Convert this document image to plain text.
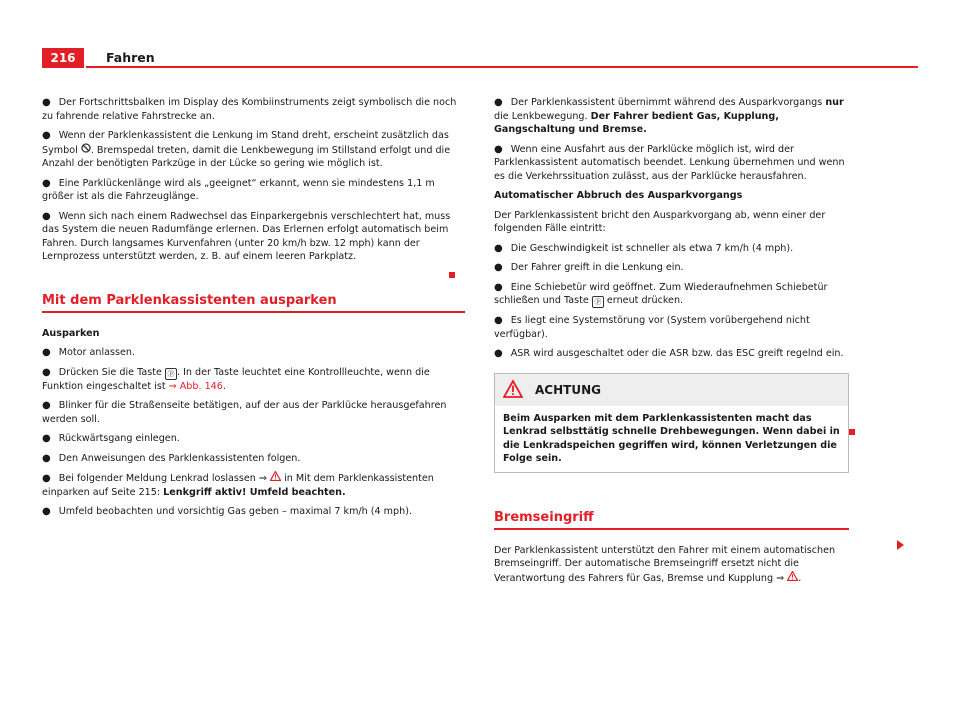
216	Fahren

● Der Fortschrittsbalken im Display des Kombiinstruments zeigt symbolisch die noch zu fahrende relative Fahrstrecke an.

● Wenn der Parklenkassistent die Lenkung im Stand dreht, erscheint zusätzlich das Symbol . Bremspedal treten, damit die Lenkbewegung im Stillstand erfolgt und die Anzahl der benötigten Parkzüge in der Lücke so gering wie möglich ist.

● Eine Parklückenlänge wird als „geeignet“ erkannt, wenn sie mindestens 1,1 m größer ist als die Fahrzeuglänge.

● Wenn sich nach einem Radwechsel das Einparkergebnis verschlechtert hat, muss das System die neuen Radumfänge erlernen. Das Erlernen erfolgt automatisch beim Fahren. Durch langsames Kurvenfahren (unter 20 km/h bzw. 12 mph) kann der Lernprozess unterstützt werden, z. B. auf einem leeren Parkplatz.

Mit dem Parklenkassistenten ausparken

Ausparken

● Motor anlassen.

● Drücken Sie die Taste ⓟ . In der Taste leuchtet eine Kontrollleuchte, wenn die Funktion eingeschaltet ist ⇒ Abb. 146.

● Blinker für die Straßenseite betätigen, auf der aus der Parklücke herausgefahren werden soll.

● Rückwärtsgang einlegen.

● Den Anweisungen des Parklenkassistenten folgen.

● Bei folgender Meldung Lenkrad loslassen ⇒ in Mit dem Parklenkassistenten einparken auf Seite 215: Lenkgriff aktiv! Umfeld beachten.

● Umfeld beobachten und vorsichtig Gas geben – maximal 7 km/h (4 mph).

● Der Parklenkassistent übernimmt während des Ausparkvorgangs nur die Lenkbewegung. Der Fahrer bedient Gas, Kupplung, Gangschaltung und Bremse.

● Wenn eine Ausfahrt aus der Parklücke möglich ist, wird der Parklenkassistent automatisch beendet. Lenkung übernehmen und wenn es die Verkehrssituation zulässt, aus der Parklücke herausfahren.

Automatischer Abbruch des Ausparkvorgangs

Der Parklenkassistent bricht den Ausparkvorgang ab, wenn einer der folgenden Fälle eintritt:

● Die Geschwindigkeit ist schneller als etwa 7 km/h (4 mph).

● Der Fahrer greift in die Lenkung ein.

● Eine Schiebetür wird geöffnet. Zum Wiederaufnehmen Schiebetür schließen und Taste ⓟ erneut drücken.

● Es liegt eine Systemstörung vor (System vorübergehend nicht verfügbar).

● ASR wird ausgeschaltet oder die ASR bzw. das ESC greift regelnd ein.

ACHTUNG
Beim Ausparken mit dem Parklenkassistenten macht das Lenkrad selbsttätig schnelle Drehbewegungen. Wenn dabei in die Lenkradspeichen gegriffen wird, können Verletzungen die Folge sein.
Bremseingriff

Der Parklenkassistent unterstützt den Fahrer mit einem automatischen Bremseingriff. Der automatische Bremseingriff ersetzt nicht die Verantwortung des Fahrers für Gas, Bremse und Kupplung ⇒ .
